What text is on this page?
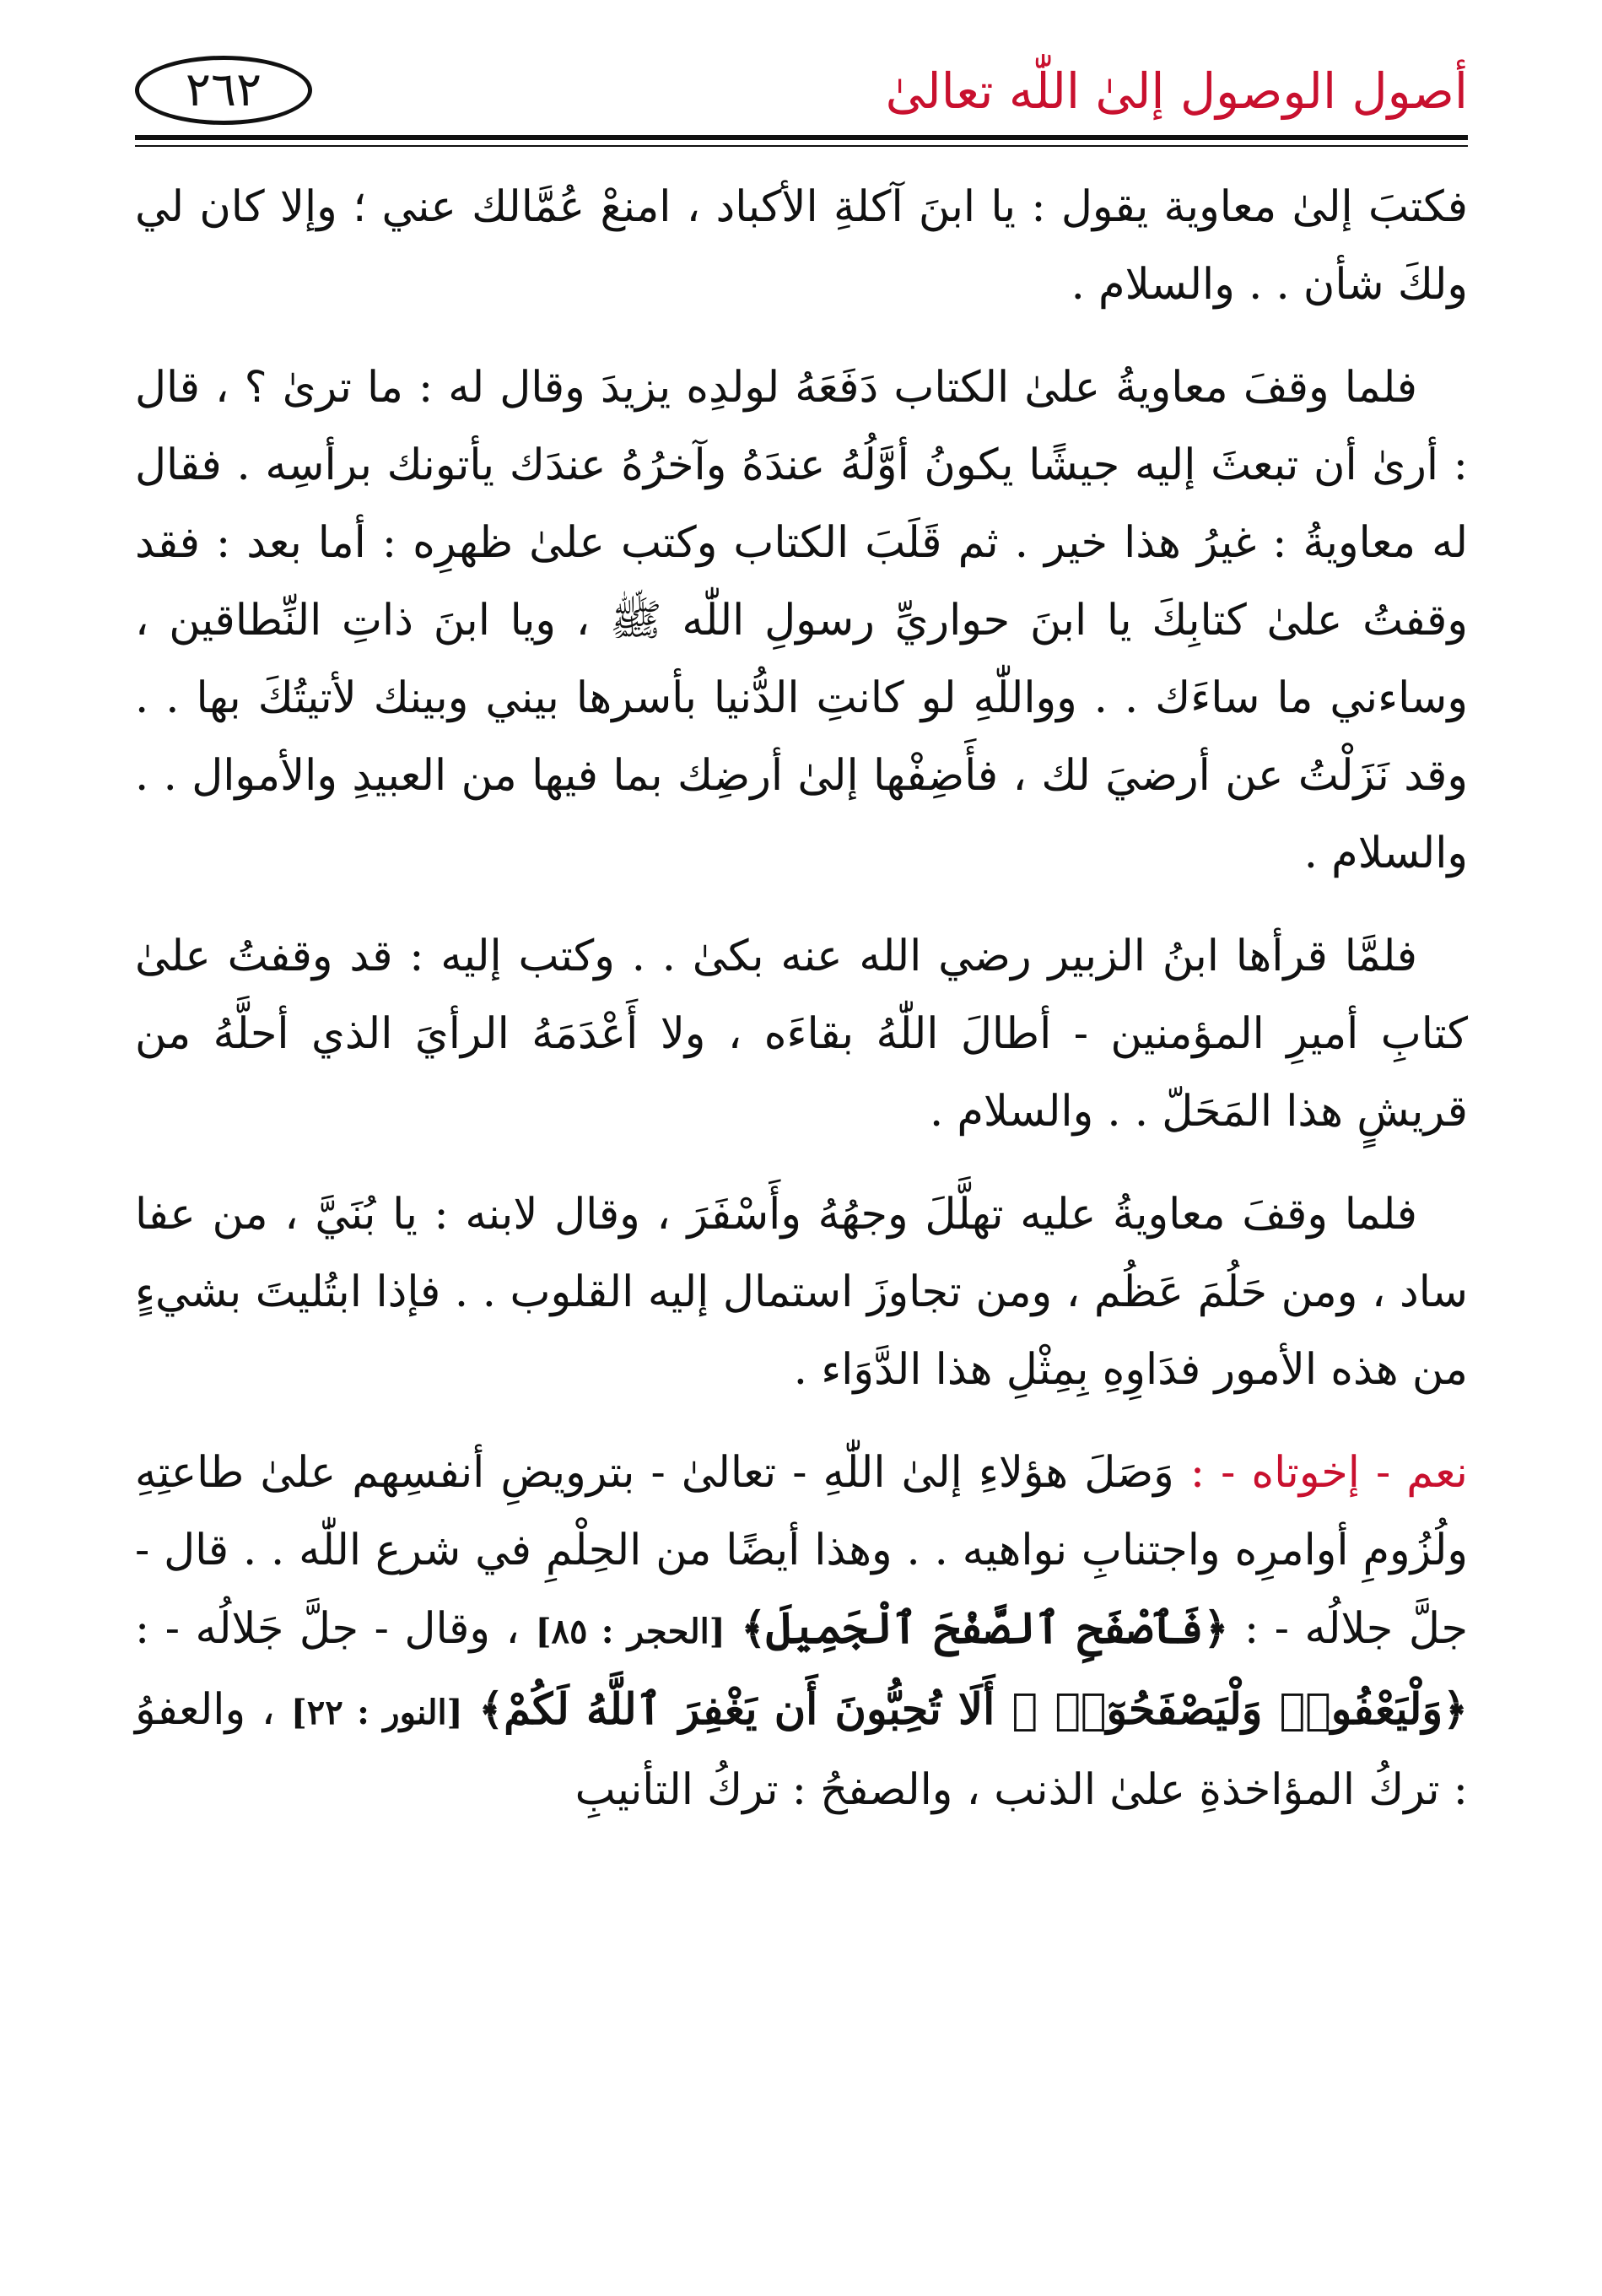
أصول الوصول إلىٰ اللّٰه تعالىٰ
٢٦٢

فكتبَ إلىٰ معاوية يقول : يا ابنَ آكلةِ الأكباد ، امنعْ عُمَّالك عني ؛ وإلا كان لي ولكَ شأن . . والسلام .

فلما وقفَ معاويةُ علىٰ الكتاب دَفَعَهُ لولدِه يزيدَ وقال له : ما ترىٰ ؟ ، قال : أرىٰ أن تبعثَ إليه جيشًا يكونُ أوَّلُهُ عندَهُ وآخرُهُ عندَك يأتونك برأسِه . فقال له معاويةُ : غيرُ هذا خير . ثم قَلَبَ الكتاب وكتب علىٰ ظهرِه : أما بعد : فقد وقفتُ علىٰ كتابِكَ يا ابنَ حواريِّ رسولِ اللّٰه ﷺ ، ويا ابنَ ذاتِ النِّطاقين ، وساءني ما ساءَك . . وواللّٰهِ لو كانتِ الدُّنيا بأسرها بيني وبينك لأتيتُكَ بها . . وقد نَزَلْتُ عن أرضيَ لك ، فأَضِفْها إلىٰ أرضِك بما فيها من العبيدِ والأموال . . والسلام .

فلمَّا قرأها ابنُ الزبير رضي الله عنه بكىٰ . . وكتب إليه : قد وقفتُ علىٰ كتابِ أميرِ المؤمنين - أطالَ اللّٰهُ بقاءَه ، ولا أَعْدَمَهُ الرأيَ الذي أحلَّهُ من قريشٍ هذا المَحَلّ . . والسلام .

فلما وقفَ معاويةُ عليه تهلَّلَ وجهُهُ وأَسْفَرَ ، وقال لابنه : يا بُنَيَّ ، من عفا ساد ، ومن حَلُمَ عَظُم ، ومن تجاوزَ استمال إليه القلوب . . فإذا ابتُليتَ بشيءٍ من هذه الأمور فدَاوِهِ بِمِثْلِ هذا الدَّوَاء .

نعم - إخوتاه - : وَصَلَ هؤلاءِ إلىٰ اللّٰهِ - تعالىٰ - بترويضِ أنفسِهم علىٰ طاعتِهِ ولُزُومِ أوامرِه واجتنابِ نواهيه . . وهذا أيضًا من الحِلْمِ في شرع اللّٰه . . قال - جلَّ جلالُه - : ﴿فَٱصْفَحِ ٱلصَّفْحَ ٱلْجَمِيلَ﴾ [الحجر : ٨٥] ، وقال - جلَّ جَلالُه - : ﴿وَلْيَعْفُوا۟ وَلْيَصْفَحُوٓا۟ ۗ أَلَا تُحِبُّونَ أَن يَغْفِرَ ٱللَّهُ لَكُمْ﴾ [النور : ٢٢] ، والعفوُ : تركُ المؤاخذةِ علىٰ الذنب ، والصفحُ : تركُ التأنيبِ
